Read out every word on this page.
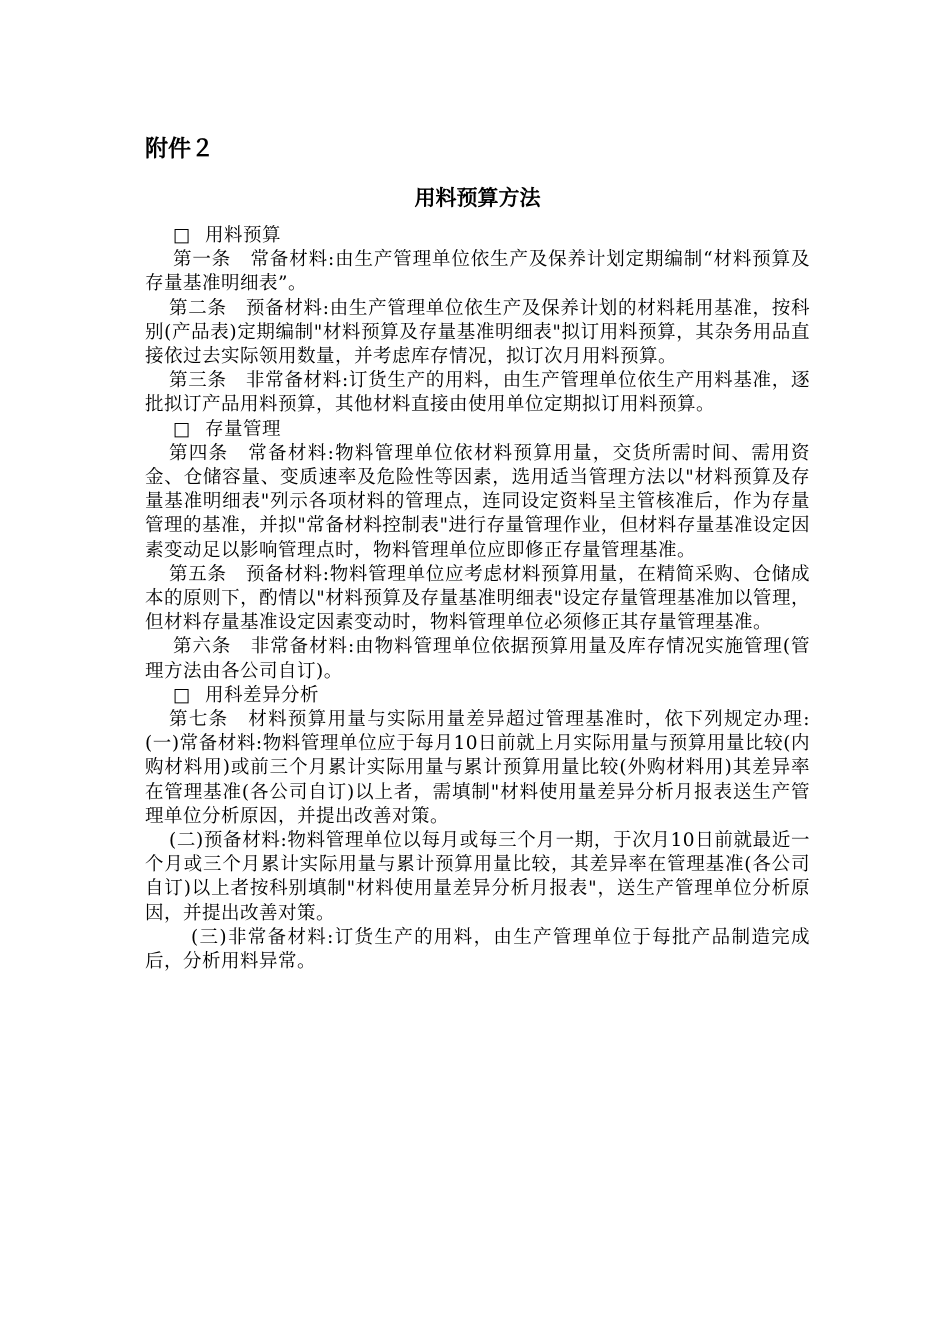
附件２
用料预算方法

□ 用料预算

第一条　常备材料:由生产管理单位依生产及保养计划定期编制“材料预算及存量基准明细表”。

第二条　预备材料:由生产管理单位依生产及保养计划的材料耗用基准，按科别(产品表)定期编制"材料预算及存量基准明细表"拟订用料预算，其杂务用品直接依过去实际领用数量，并考虑库存情况，拟订次月用料预算。

第三条　非常备材料:订货生产的用料，由生产管理单位依生产用料基准，逐批拟订产品用料预算，其他材料直接由使用单位定期拟订用料预算。

□ 存量管理

第四条　常备材料:物料管理单位依材料预算用量，交货所需时间、需用资金、仓储容量、变质速率及危险性等因素，选用适当管理方法以"材料预算及存量基准明细表"列示各项材料的管理点，连同设定资料呈主管核准后，作为存量管理的基准，并拟"常备材料控制表"进行存量管理作业，但材料存量基准设定因素变动足以影响管理点时，物料管理单位应即修正存量管理基准。

第五条　预备材料:物料管理单位应考虑材料预算用量，在精简采购、仓储成本的原则下，酌情以"材料预算及存量基准明细表"设定存量管理基准加以管理，但材料存量基准设定因素变动时，物料管理单位必须修正其存量管理基准。

第六条　非常备材料:由物料管理单位依据预算用量及库存情况实施管理(管理方法由各公司自订)。

□ 用科差异分析

第七条　材料预算用量与实际用量差异超过管理基准时，依下列规定办理:　(一)常备材料:物料管理单位应于每月10日前就上月实际用量与预算用量比较(内购材料用)或前三个月累计实际用量与累计预算用量比较(外购材料用)其差异率在管理基准(各公司自订)以上者，需填制"材料使用量差异分析月报表送生产管理单位分析原因，并提出改善对策。

(二)预备材料:物料管理单位以每月或每三个月一期，于次月10日前就最近一个月或三个月累计实际用量与累计预算用量比较，其差异率在管理基准(各公司自订)以上者按科别填制"材料使用量差异分析月报表"，送生产管理单位分析原因，并提出改善对策。

(三)非常备材料:订货生产的用料，由生产管理单位于每批产品制造完成后，分析用料异常。
